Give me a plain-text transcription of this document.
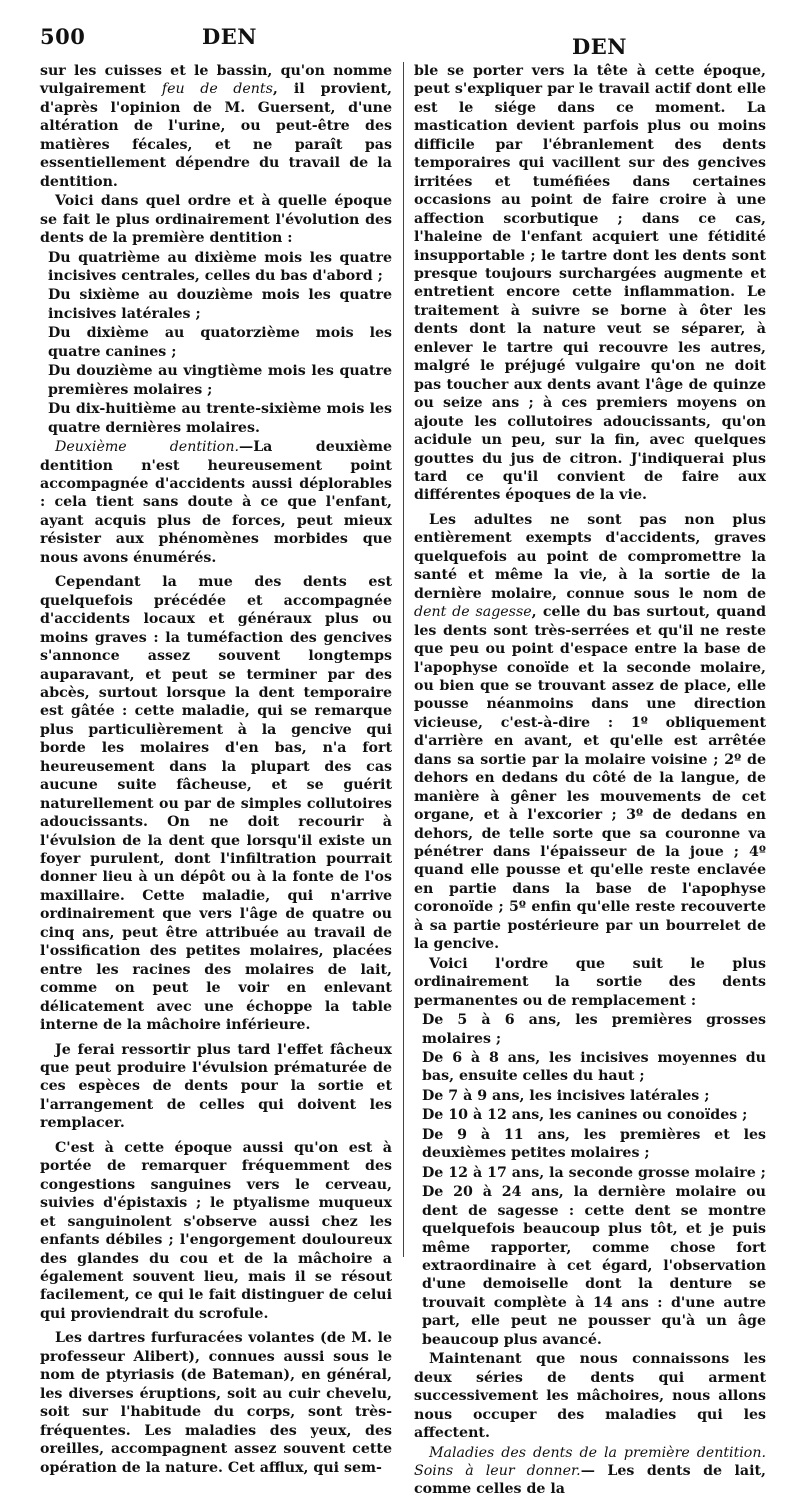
500	DEN	DEN

sur les cuisses et le bassin, qu'on nomme vulgairement feu de dents, il provient, d'après l'opinion de M. Guersent, d'une altération de l'urine, ou peut-être des matières fécales, et ne paraît pas essentiellement dépendre du travail de la dentition.

Voici dans quel ordre et à quelle époque se fait le plus ordinairement l'évolution des dents de la première dentition :

Du quatrième au dixième mois les quatre incisives centrales, celles du bas d'abord ;

Du sixième au douzième mois les quatre incisives latérales ;

Du dixième au quatorzième mois les quatre canines ;

Du douzième au vingtième mois les quatre premières molaires ;

Du dix-huitième au trente-sixième mois les quatre dernières molaires.

Deuxième dentition.—La deuxième dentition n'est heureusement point accompagnée d'accidents aussi déplorables : cela tient sans doute à ce que l'enfant, ayant acquis plus de forces, peut mieux résister aux phénomènes morbides que nous avons énumérés.

Cependant la mue des dents est quelquefois précédée et accompagnée d'accidents locaux et généraux plus ou moins graves : la tuméfaction des gencives s'annonce assez souvent longtemps auparavant, et peut se terminer par des abcès, surtout lorsque la dent temporaire est gâtée : cette maladie, qui se remarque plus particulièrement à la gencive qui borde les molaires d'en bas, n'a fort heureusement dans la plupart des cas aucune suite fâcheuse, et se guérit naturellement ou par de simples collutoires adoucissants. On ne doit recourir à l'évulsion de la dent que lorsqu'il existe un foyer purulent, dont l'infiltration pourrait donner lieu à un dépôt ou à la fonte de l'os maxillaire. Cette maladie, qui n'arrive ordinairement que vers l'âge de quatre ou cinq ans, peut être attribuée au travail de l'ossification des petites molaires, placées entre les racines des molaires de lait, comme on peut le voir en enlevant délicatement avec une échoppe la table interne de la mâchoire inférieure.

Je ferai ressortir plus tard l'effet fâcheux que peut produire l'évulsion prématurée de ces espèces de dents pour la sortie et l'arrangement de celles qui doivent les remplacer.

C'est à cette époque aussi qu'on est à portée de remarquer fréquemment des congestions sanguines vers le cerveau, suivies d'épistaxis ; le ptyalisme muqueux et sanguinolent s'observe aussi chez les enfants débiles ; l'engorgement douloureux des glandes du cou et de la mâchoire a également souvent lieu, mais il se résout facilement, ce qui le fait distinguer de celui qui proviendrait du scrofule.

Les dartres furfuracées volantes (de M. le professeur Alibert), connues aussi sous le nom de ptyriasis (de Bateman), en général, les diverses éruptions, soit au cuir chevelu, soit sur l'habitude du corps, sont très-fréquentes. Les maladies des yeux, des oreilles, accompagnent assez souvent cette opération de la nature. Cet afflux, qui sem-

ble se porter vers la tête à cette époque, peut s'expliquer par le travail actif dont elle est le siége dans ce moment. La mastication devient parfois plus ou moins difficile par l'ébranlement des dents temporaires qui vacillent sur des gencives irritées et tuméfiées dans certaines occasions au point de faire croire à une affection scorbutique ; dans ce cas, l'haleine de l'enfant acquiert une fétidité insupportable ; le tartre dont les dents sont presque toujours surchargées augmente et entretient encore cette inflammation. Le traitement à suivre se borne à ôter les dents dont la nature veut se séparer, à enlever le tartre qui recouvre les autres, malgré le préjugé vulgaire qu'on ne doit pas toucher aux dents avant l'âge de quinze ou seize ans ; à ces premiers moyens on ajoute les collutoires adoucissants, qu'on acidule un peu, sur la fin, avec quelques gouttes du jus de citron. J'indiquerai plus tard ce qu'il convient de faire aux différentes époques de la vie.

Les adultes ne sont pas non plus entièrement exempts d'accidents, graves quelquefois au point de compromettre la santé et même la vie, à la sortie de la dernière molaire, connue sous le nom de dent de sagesse, celle du bas surtout, quand les dents sont très-serrées et qu'il ne reste que peu ou point d'espace entre la base de l'apophyse conoïde et la seconde molaire, ou bien que se trouvant assez de place, elle pousse néanmoins dans une direction vicieuse, c'est-à-dire : 1º obliquement d'arrière en avant, et qu'elle est arrêtée dans sa sortie par la molaire voisine ; 2º de dehors en dedans du côté de la langue, de manière à gêner les mouvements de cet organe, et à l'excorier ; 3º de dedans en dehors, de telle sorte que sa couronne va pénétrer dans l'épaisseur de la joue ; 4º quand elle pousse et qu'elle reste enclavée en partie dans la base de l'apophyse coronoïde ; 5º enfin qu'elle reste recouverte à sa partie postérieure par un bourrelet de la gencive.

Voici l'ordre que suit le plus ordinairement la sortie des dents permanentes ou de remplacement :

De 5 à 6 ans, les premières grosses molaires ;

De 6 à 8 ans, les incisives moyennes du bas, ensuite celles du haut ;

De 7 à 9 ans, les incisives latérales ;

De 10 à 12 ans, les canines ou conoïdes ;

De 9 à 11 ans, les premières et les deuxièmes petites molaires ;

De 12 à 17 ans, la seconde grosse molaire ;

De 20 à 24 ans, la dernière molaire ou dent de sagesse : cette dent se montre quelquefois beaucoup plus tôt, et je puis même rapporter, comme chose fort extraordinaire à cet égard, l'observation d'une demoiselle dont la denture se trouvait complète à 14 ans : d'une autre part, elle peut ne pousser qu'à un âge beaucoup plus avancé.

Maintenant que nous connaissons les deux séries de dents qui arment successivement les mâchoires, nous allons nous occuper des maladies qui les affectent.

Maladies des dents de la première dentition. Soins à leur donner.— Les dents de lait, comme celles de la
